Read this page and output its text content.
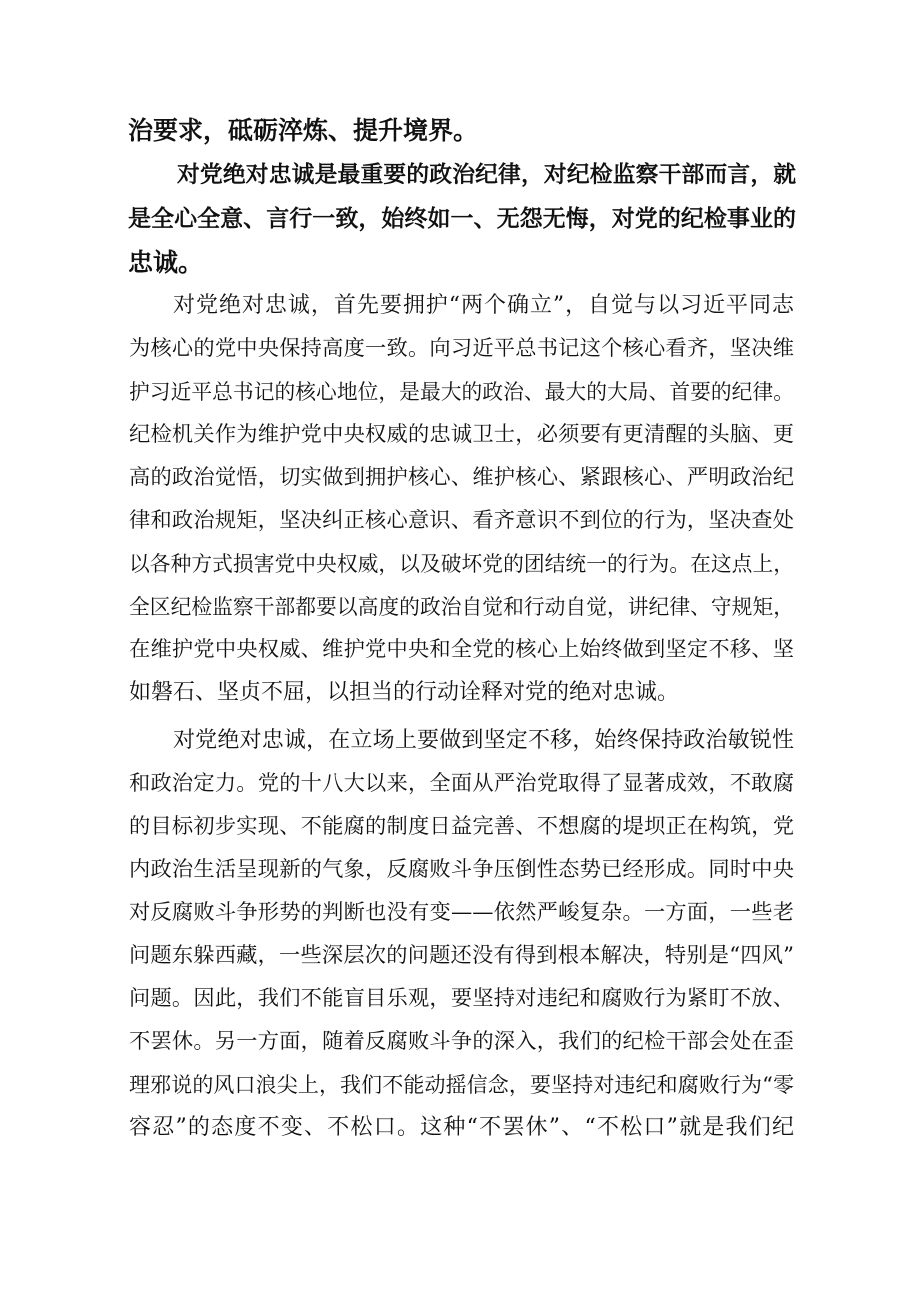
治要求，砥砺淬炼、提升境界。
对党绝对忠诚是最重要的政治纪律，对纪检监察干部而言，就
是全心全意、言行一致，始终如一、无怨无悔，对党的纪检事业的
忠诚。
对党绝对忠诚，首先要拥护“两个确立”，自觉与以习近平同志
为核心的党中央保持高度一致。向习近平总书记这个核心看齐，坚决维
护习近平总书记的核心地位，是最大的政治、最大的大局、首要的纪律。
纪检机关作为维护党中央权威的忠诚卫士，必须要有更清醒的头脑、更
高的政治觉悟，切实做到拥护核心、维护核心、紧跟核心、严明政治纪
律和政治规矩，坚决纠正核心意识、看齐意识不到位的行为，坚决查处
以各种方式损害党中央权威，以及破坏党的团结统一的行为。在这点上，
全区纪检监察干部都要以高度的政治自觉和行动自觉，讲纪律、守规矩，
在维护党中央权威、维护党中央和全党的核心上始终做到坚定不移、坚
如磐石、坚贞不屈，以担当的行动诠释对党的绝对忠诚。
对党绝对忠诚，在立场上要做到坚定不移，始终保持政治敏锐性
和政治定力。党的十八大以来，全面从严治党取得了显著成效，不敢腐
的目标初步实现、不能腐的制度日益完善、不想腐的堤坝正在构筑，党
内政治生活呈现新的气象，反腐败斗争压倒性态势已经形成。同时中央
对反腐败斗争形势的判断也没有变——依然严峻复杂。一方面，一些老
问题东躲西藏，一些深层次的问题还没有得到根本解决，特别是“四风”
问题。因此，我们不能盲目乐观，要坚持对违纪和腐败行为紧盯不放、
不罢休。另一方面，随着反腐败斗争的深入，我们的纪检干部会处在歪
理邪说的风口浪尖上，我们不能动摇信念，要坚持对违纪和腐败行为“零
容忍”的态度不变、不松口。这种“不罢休”、“不松口”就是我们纪
